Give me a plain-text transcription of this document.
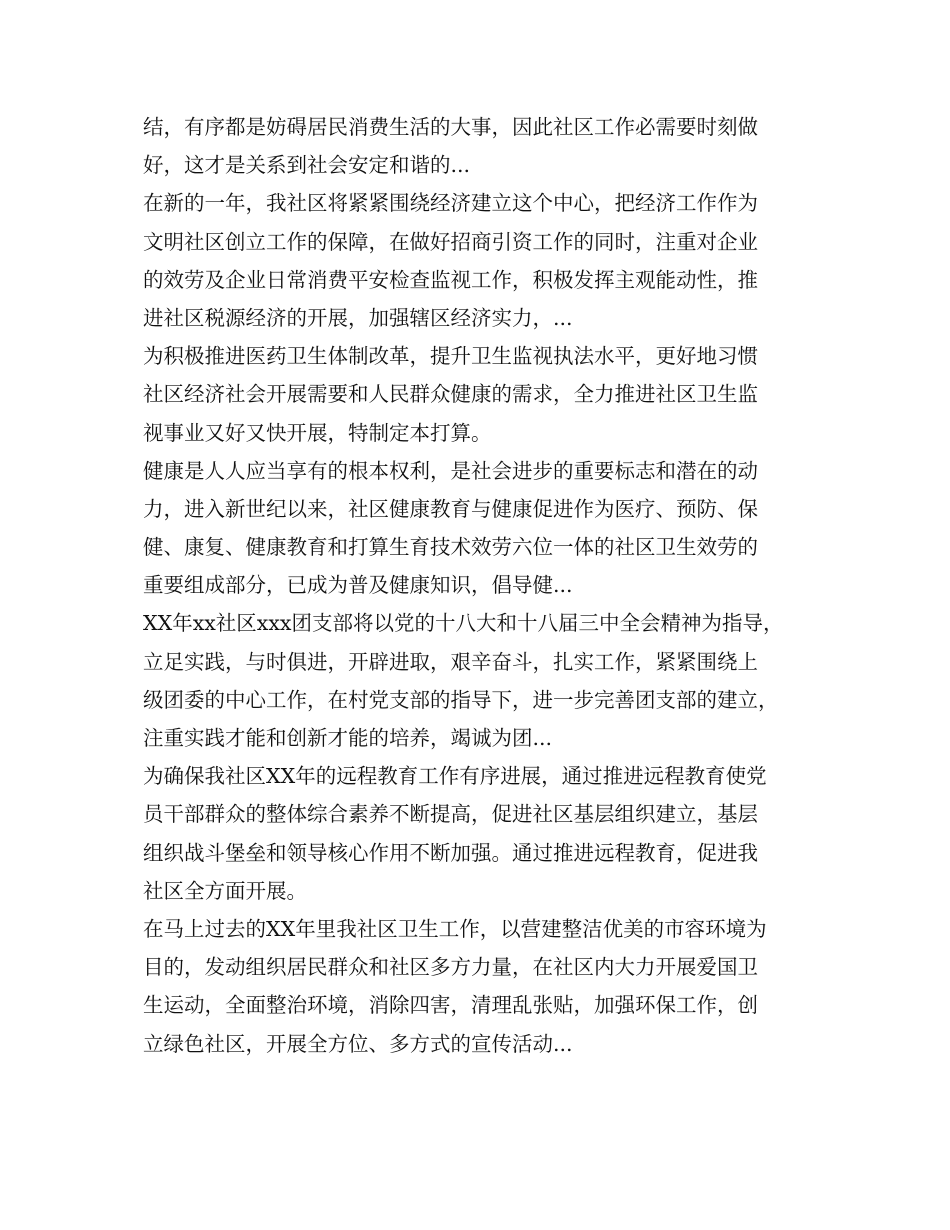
结，有序都是妨碍居民消费生活的大事，因此社区工作必需要时刻做
好，这才是关系到社会安定和谐的...
在新的一年，我社区将紧紧围绕经济建立这个中心，把经济工作作为
文明社区创立工作的保障，在做好招商引资工作的同时，注重对企业
的效劳及企业日常消费平安检查监视工作，积极发挥主观能动性，推
进社区税源经济的开展，加强辖区经济实力，...
为积极推进医药卫生体制改革，提升卫生监视执法水平，更好地习惯
社区经济社会开展需要和人民群众健康的需求，全力推进社区卫生监
视事业又好又快开展，特制定本打算。
健康是人人应当享有的根本权利，是社会进步的重要标志和潜在的动
力，进入新世纪以来，社区健康教育与健康促进作为医疗、预防、保
健、康复、健康教育和打算生育技术效劳六位一体的社区卫生效劳的
重要组成部分，已成为普及健康知识，倡导健...
XX年xx社区xxx团支部将以党的十八大和十八届三中全会精神为指导，
立足实践，与时俱进，开辟进取，艰辛奋斗，扎实工作，紧紧围绕上
级团委的中心工作，在村党支部的指导下，进一步完善团支部的建立，
注重实践才能和创新才能的培养，竭诚为团...
为确保我社区XX年的远程教育工作有序进展，通过推进远程教育使党
员干部群众的整体综合素养不断提高，促进社区基层组织建立，基层
组织战斗堡垒和领导核心作用不断加强。通过推进远程教育，促进我
社区全方面开展。
在马上过去的XX年里我社区卫生工作，以营建整洁优美的市容环境为
目的，发动组织居民群众和社区多方力量，在社区内大力开展爱国卫
生运动，全面整治环境，消除四害，清理乱张贴，加强环保工作，创
立绿色社区，开展全方位、多方式的宣传活动...
